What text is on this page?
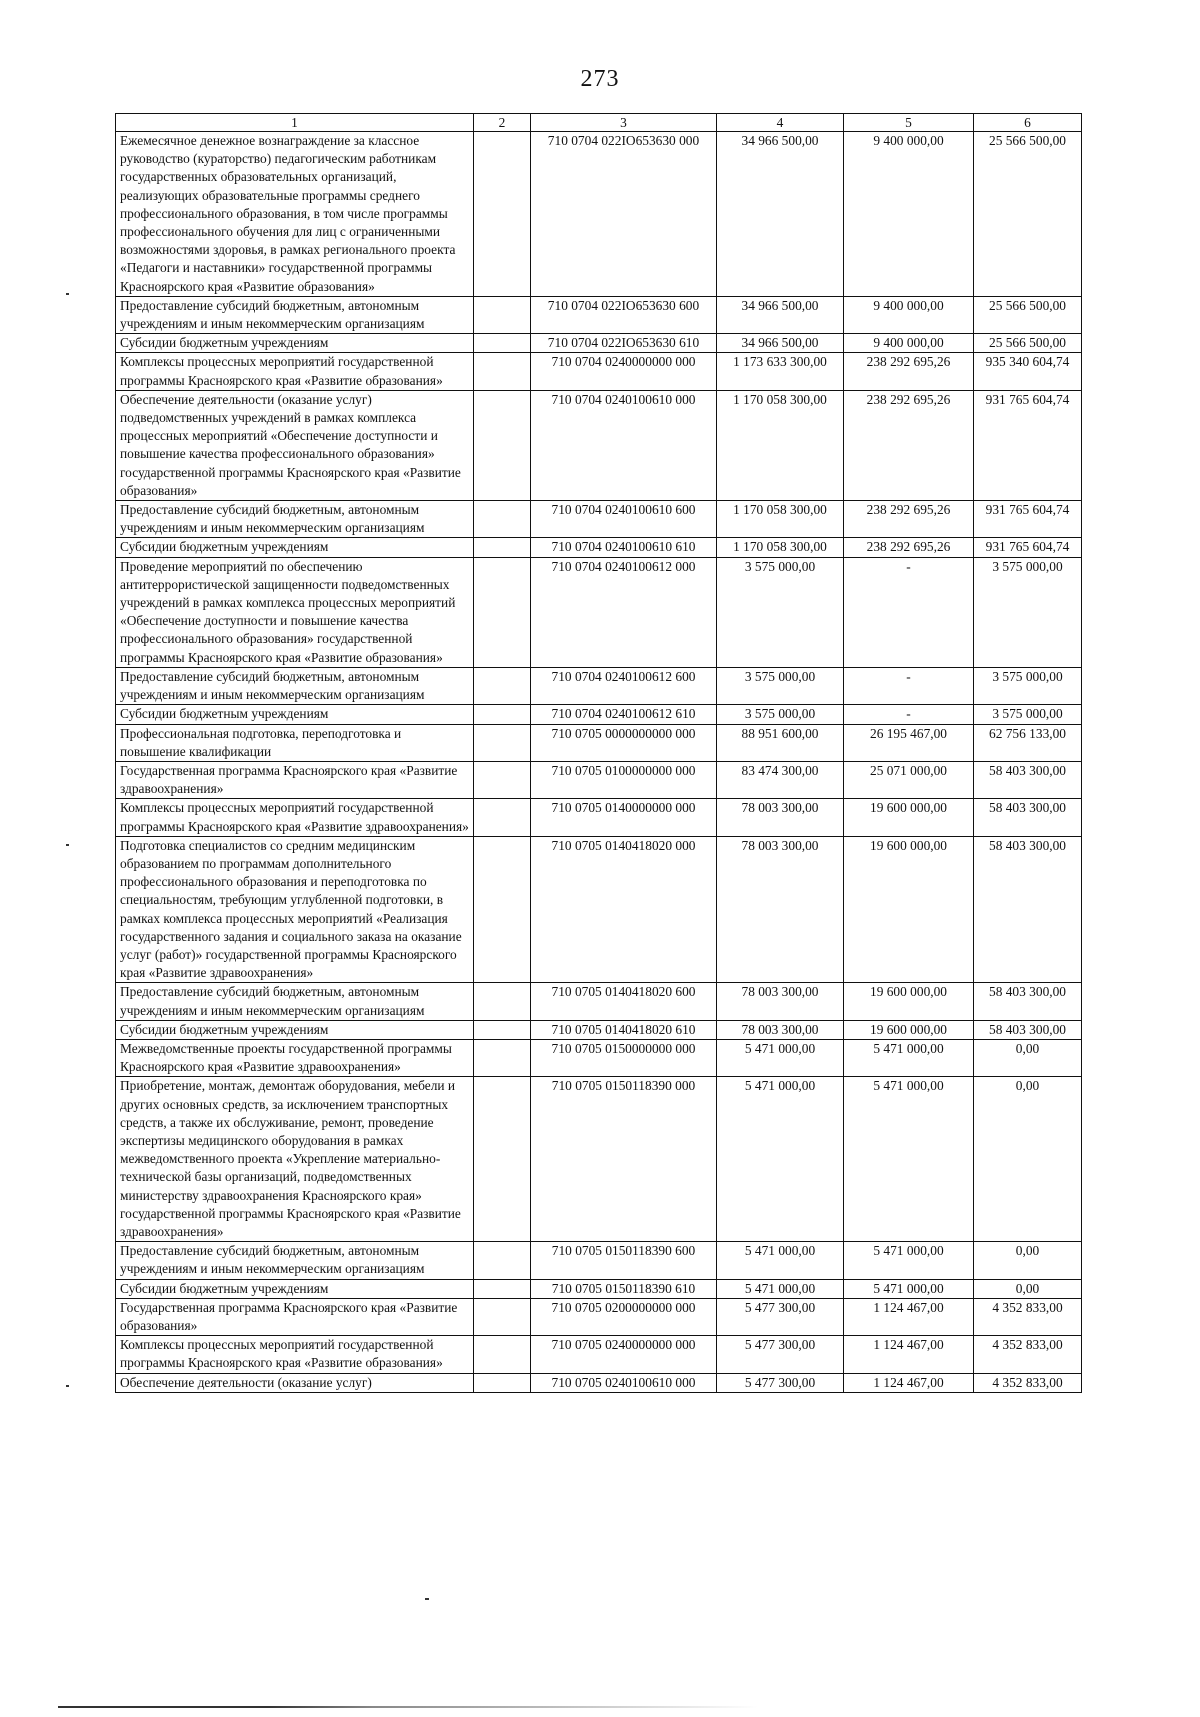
273
1	2	3	4	5	6
Ежемесячное денежное вознаграждение за классное руководство (кураторство) педагогическим работникам государственных образовательных организаций, реализующих образовательные программы среднего профессионального образования, в том числе программы профессионального обучения для лиц с ограниченными возможностями здоровья, в рамках регионального проекта «Педагоги и наставники» государственной программы Красноярского края «Развитие образования»		710 0704 022IО653630 000	34 966 500,00	9 400 000,00	25 566 500,00
Предоставление субсидий бюджетным, автономным учреждениям и иным некоммерческим организациям		710 0704 022IО653630 600	34 966 500,00	9 400 000,00	25 566 500,00
Субсидии бюджетным учреждениям		710 0704 022IО653630 610	34 966 500,00	9 400 000,00	25 566 500,00
Комплексы процессных мероприятий государственной программы Красноярского края «Развитие образования»		710 0704 0240000000 000	1 173 633 300,00	238 292 695,26	935 340 604,74
Обеспечение деятельности (оказание услуг) подведомственных учреждений в рамках комплекса процессных мероприятий «Обеспечение доступности и повышение качества профессионального образования» государственной программы Красноярского края «Развитие образования»		710 0704 0240100610 000	1 170 058 300,00	238 292 695,26	931 765 604,74
Предоставление субсидий бюджетным, автономным учреждениям и иным некоммерческим организациям		710 0704 0240100610 600	1 170 058 300,00	238 292 695,26	931 765 604,74
Субсидии бюджетным учреждениям		710 0704 0240100610 610	1 170 058 300,00	238 292 695,26	931 765 604,74
Проведение мероприятий по обеспечению антитеррористической защищенности подведомственных учреждений в рамках комплекса процессных мероприятий «Обеспечение доступности и повышение качества профессионального образования» государственной программы Красноярского края «Развитие образования»		710 0704 0240100612 000	3 575 000,00	-	3 575 000,00
Предоставление субсидий бюджетным, автономным учреждениям и иным некоммерческим организациям		710 0704 0240100612 600	3 575 000,00	-	3 575 000,00
Субсидии бюджетным учреждениям		710 0704 0240100612 610	3 575 000,00	-	3 575 000,00
Профессиональная подготовка, переподготовка и повышение квалификации		710 0705 0000000000 000	88 951 600,00	26 195 467,00	62 756 133,00
Государственная программа Красноярского края «Развитие здравоохранения»		710 0705 0100000000 000	83 474 300,00	25 071 000,00	58 403 300,00
Комплексы процессных мероприятий государственной программы Красноярского края «Развитие здравоохранения»		710 0705 0140000000 000	78 003 300,00	19 600 000,00	58 403 300,00
Подготовка специалистов со средним медицинским образованием по программам дополнительного профессионального образования и переподготовка по специальностям, требующим углубленной подготовки, в рамках комплекса процессных мероприятий «Реализация государственного задания и социального заказа на оказание услуг (работ)» государственной программы Красноярского края «Развитие здравоохранения»		710 0705 0140418020 000	78 003 300,00	19 600 000,00	58 403 300,00
Предоставление субсидий бюджетным, автономным учреждениям и иным некоммерческим организациям		710 0705 0140418020 600	78 003 300,00	19 600 000,00	58 403 300,00
Субсидии бюджетным учреждениям		710 0705 0140418020 610	78 003 300,00	19 600 000,00	58 403 300,00
Межведомственные проекты государственной программы Красноярского края «Развитие здравоохранения»		710 0705 0150000000 000	5 471 000,00	5 471 000,00	0,00
Приобретение, монтаж, демонтаж оборудования, мебели и других основных средств, за исключением транспортных средств, а также их обслуживание, ремонт, проведение экспертизы медицинского оборудования в рамках межведомственного проекта «Укрепление материально-технической базы организаций, подведомственных министерству здравоохранения Красноярского края» государственной программы Красноярского края «Развитие здравоохранения»		710 0705 0150118390 000	5 471 000,00	5 471 000,00	0,00
Предоставление субсидий бюджетным, автономным учреждениям и иным некоммерческим организациям		710 0705 0150118390 600	5 471 000,00	5 471 000,00	0,00
Субсидии бюджетным учреждениям		710 0705 0150118390 610	5 471 000,00	5 471 000,00	0,00
Государственная программа Красноярского края «Развитие образования»		710 0705 0200000000 000	5 477 300,00	1 124 467,00	4 352 833,00
Комплексы процессных мероприятий государственной программы Красноярского края «Развитие образования»		710 0705 0240000000 000	5 477 300,00	1 124 467,00	4 352 833,00
Обеспечение деятельности (оказание услуг)		710 0705 0240100610 000	5 477 300,00	1 124 467,00	4 352 833,00
